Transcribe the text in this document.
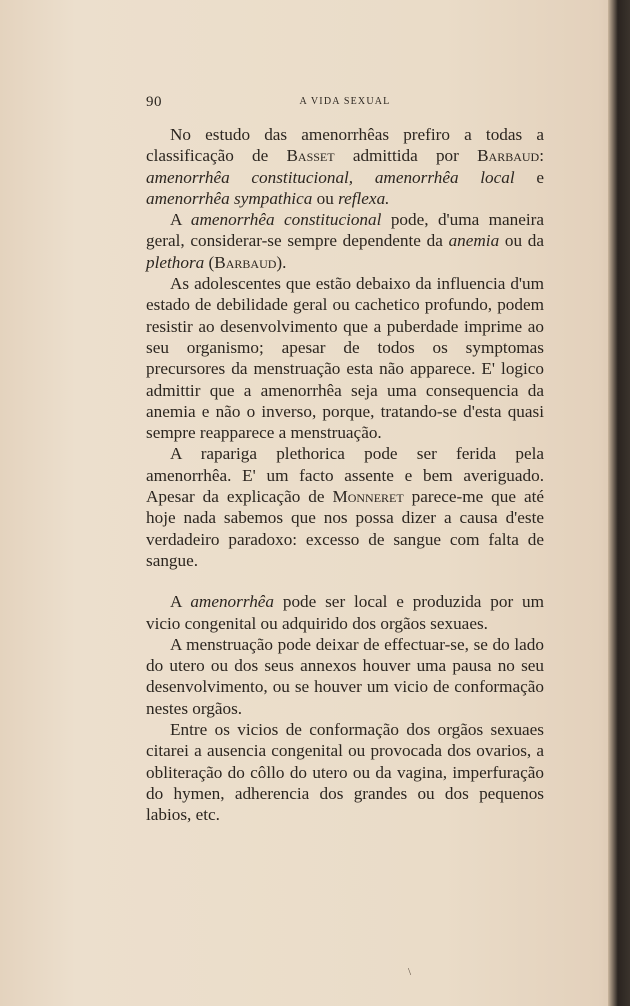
90	A VIDA SEXUAL

No estudo das amenorrhêas prefiro a todas a classificação de Basset admittida por Barbaud: amenorrhêa constitucional, amenorrhêa local e amenorrhêa sympathica ou reflexa.

A amenorrhêa constitucional pode, d'uma maneira geral, considerar-se sempre dependente da anemia ou da plethora (Barbaud).

As adolescentes que estão debaixo da influencia d'um estado de debilidade geral ou cachetico profundo, podem resistir ao desenvolvimento que a puberdade imprime ao seu organismo; apesar de todos os symptomas precursores da menstruação esta não apparece. E' logico admittir que a amenorrhêa seja uma consequencia da anemia e não o inverso, porque, tratando-se d'esta quasi sempre reapparece a menstruação.

A rapariga plethorica pode ser ferida pela amenorrhêa. E' um facto assente e bem averiguado. Apesar da explicação de Monneret parece-me que até hoje nada sabemos que nos possa dizer a causa d'este verdadeiro paradoxo: excesso de sangue com falta de sangue.

A amenorrhêa pode ser local e produzida por um vicio congenital ou adquirido dos orgãos sexuaes.

A menstruação pode deixar de effectuar-se, se do lado do utero ou dos seus annexos houver uma pausa no seu desenvolvimento, ou se houver um vicio de conformação nestes orgãos.

Entre os vicios de conformação dos orgãos sexuaes citarei a ausencia congenital ou provocada dos ovarios, a obliteração do côllo do utero ou da vagina, imperfuração do hymen, adherencia dos grandes ou dos pequenos labios, etc.

\
